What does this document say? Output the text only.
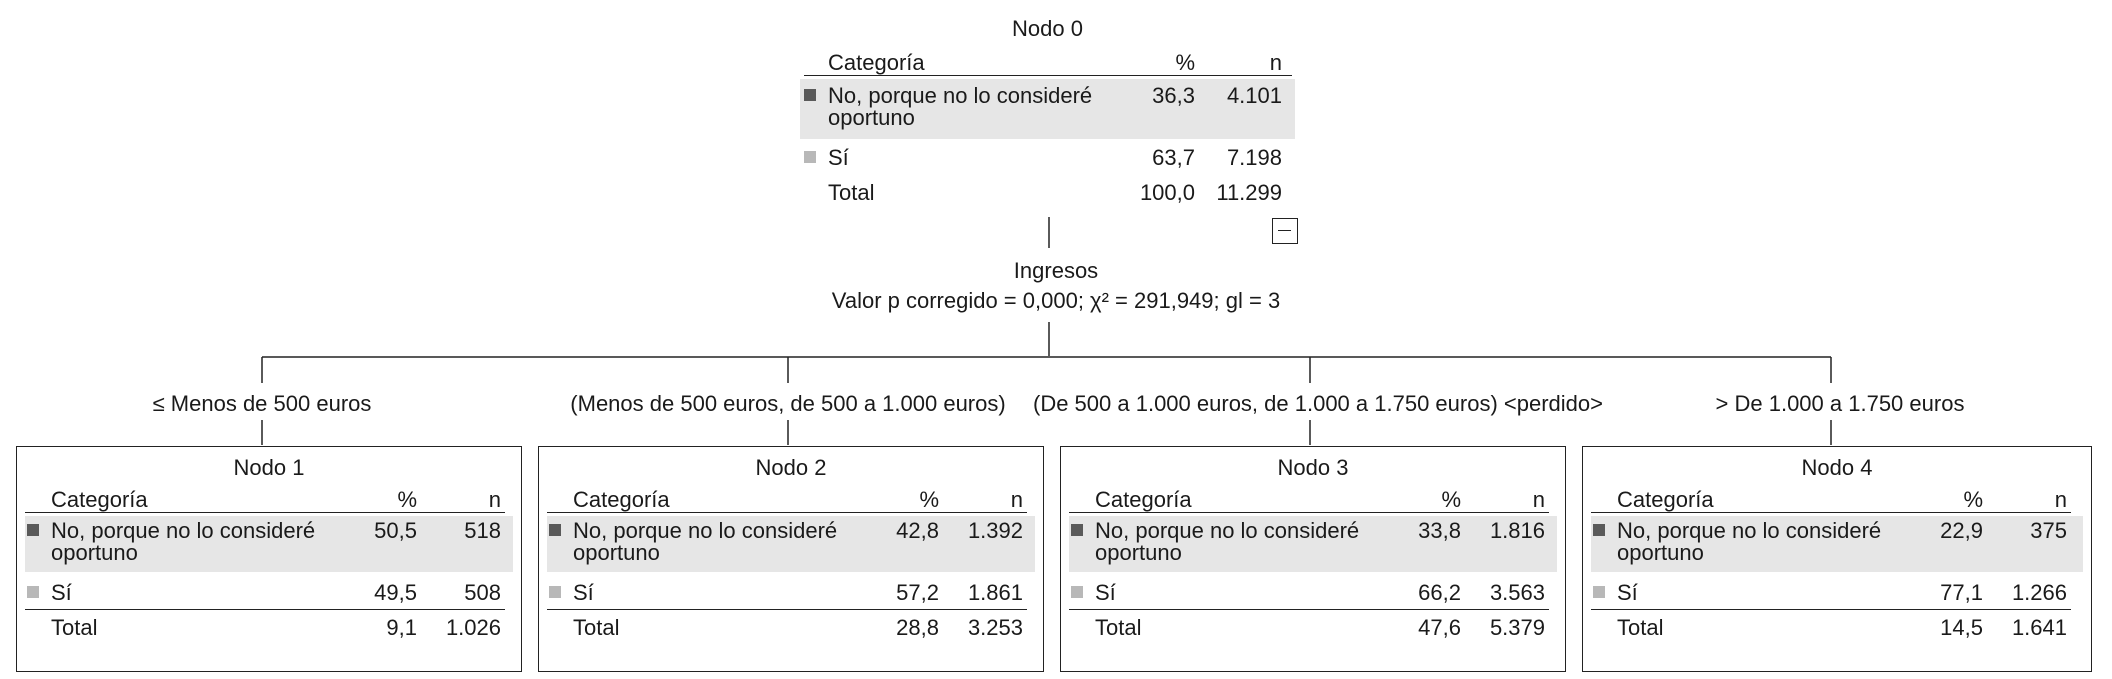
Nodo 0
Categoría	%	n
No, porque no lo consideré
oportuno
36,3	4.101
Sí	63,7	7.198
Total	100,0 11.299
Ingresos
Valor p corregido = 0,000; χ² = 291,949; gl = 3
≤ Menos de 500 euros	(Menos de 500 euros, de 500 a 1.000 euros)	(De 500 a 1.000 euros, de 1.000 a 1.750 euros) <perdido>	> De 1.000 a 1.750 euros
Nodo 1
Categoría	%	n
No, porque no lo consideré
oportuno
50,5	518
Sí	49,5	508
Total	9,1	1.026
Nodo 2
Categoría	%	n
No, porque no lo consideré
oportuno
42,8	1.392
Sí	57,2	1.861
Total	28,8	3.253
Nodo 3
Categoría	%	n
No, porque no lo consideré
oportuno
33,8	1.816
Sí	66,2	3.563
Total	47,6	5.379
Nodo 4
Categoría	%	n
No, porque no lo consideré
oportuno
22,9	375
Sí	77,1	1.266
Total	14,5	1.641
